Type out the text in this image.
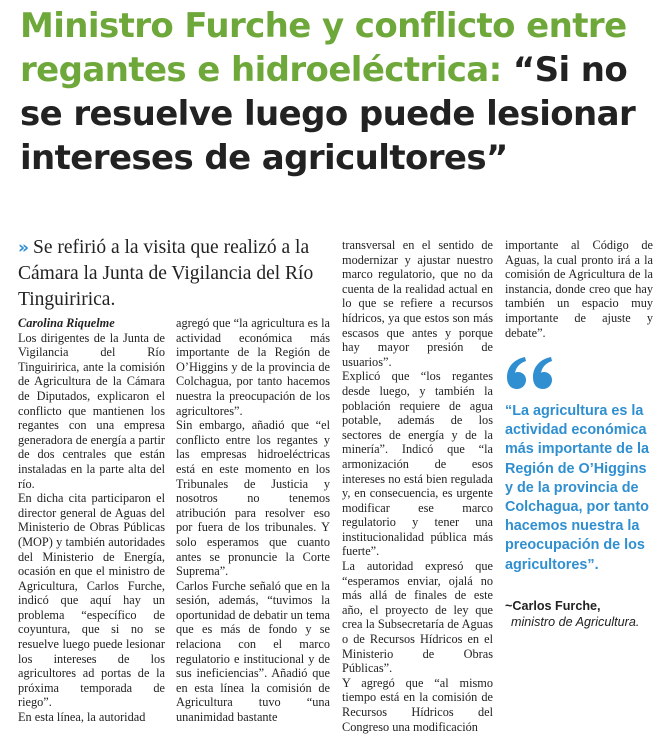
Ministro Furche y conflicto entre regantes e hidroeléctrica: “Si no se resuelve luego puede lesionar intereses de agricultores”
» Se refirió a la visita que realizó a la Cámara la Junta de Vigilancia del Río Tinguiririca.
Carolina Riquelme

Los dirigentes de la Junta de Vigilancia del Río Tinguiririca, ante la comisión de Agricultura de la Cámara de Diputados, explicaron el conflicto que mantienen los regantes con una empresa generadora de energía a partir de dos centrales que están instaladas en la parte alta del río.

En dicha cita participaron el director general de Aguas del Ministerio de Obras Públicas (MOP) y también autoridades del Ministerio de Energía, ocasión en que el ministro de Agricultura, Carlos Furche, indicó que aquí hay un problema “específico de coyuntura, que si no se resuelve luego puede lesionar los intereses de los agricultores ad portas de la próxima temporada de riego”.

En esta línea, la autoridad

agregó que “la agricultura es la actividad económica más importante de la Región de O’Higgins y de la provincia de Colchagua, por tanto hacemos nuestra la preocupación de los agricultores”.

Sin embargo, añadió que “el conflicto entre los regantes y las empresas hidroeléctricas está en este momento en los Tribunales de Justicia y nosotros no tenemos atribución para resolver eso por fuera de los tribunales. Y solo esperamos que cuanto antes se pronuncie la Corte Suprema”.

Carlos Furche señaló que en la sesión, además, “tuvimos la oportunidad de debatir un tema que es más de fondo y se relaciona con el marco regulatorio e institucional y de sus ineficiencias”. Añadió que en esta línea la comisión de Agricultura tuvo “una unanimidad bastante

transversal en el sentido de modernizar y ajustar nuestro marco regulatorio, que no da cuenta de la realidad actual en lo que se refiere a recursos hídricos, ya que estos son más escasos que antes y porque hay mayor presión de usuarios”.

Explicó que “los regantes desde luego, y también la población requiere de agua potable, además de los sectores de energía y de la minería”. Indicó que “la armonización de esos intereses no está bien regulada y, en consecuencia, es urgente modificar ese marco regulatorio y tener una institucionalidad pública más fuerte”.

La autoridad expresó que “esperamos enviar, ojalá no más allá de finales de este año, el proyecto de ley que crea la Subsecretaría de Aguas o de Recursos Hídricos en el Ministerio de Obras Públicas”.

Y agregó que “al mismo tiempo está en la comisión de Recursos Hídricos del Congreso una modificación

importante al Código de Aguas, la cual pronto irá a la comisión de Agricultura de la instancia, donde creo que hay también un espacio muy importante de ajuste y debate”.

“La agricultura es la actividad económica más importante de la Región de O’Higgins y de la provincia de Colchagua, por tanto hacemos nuestra la preocupación de los agricultores”.
~Carlos Furche,
ministro de Agricultura.
